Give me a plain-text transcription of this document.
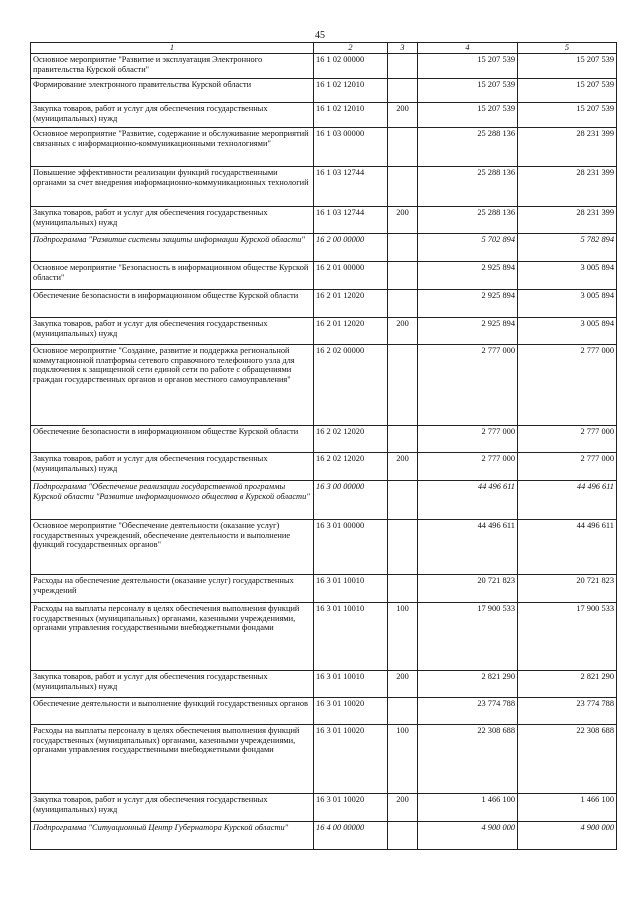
45
1	2	3	4	5
Основное мероприятие "Развитие и эксплуатация Электронного правительства Курской области"	16 1 02 00000		15 207 539	15 207 539
Формирование электронного правительства Курской области	16 1 02 12010		15 207 539	15 207 539
Закупка товаров, работ и услуг для обеспечения государственных (муниципальных) нужд	16 1 02 12010	200	15 207 539	15 207 539
Основное мероприятие "Развитие, содержание и обслуживание мероприятий связанных с информационно-коммуникационными технологиями"	16 1 03 00000		25 288 136	28 231 399
Повышение эффективности реализации функций государственными органами за счет внедрения информационно-коммуникационных технологий	16 1 03 12744		25 288 136	28 231 399
Закупка товаров, работ и услуг для обеспечения государственных (муниципальных) нужд	16 1 03 12744	200	25 288 136	28 231 399
Подпрограмма "Развитие системы защиты информации Курской области"	16 2 00 00000		5 702 894	5 782 894
Основное мероприятие "Безопасность в информационном обществе Курской области"	16 2 01 00000		2 925 894	3 005 894
Обеспечение безопасности в информационном обществе Курской области	16 2 01 12020		2 925 894	3 005 894
Закупка товаров, работ и услуг для обеспечения государственных (муниципальных) нужд	16 2 01 12020	200	2 925 894	3 005 894
Основное мероприятие "Создание, развитие и поддержка региональной коммутационной платформы сетевого справочного телефонного узла для подключения к защищенной сети единой сети по работе с обращениями граждан государственных органов и органов местного самоуправления"	16 2 02 00000		2 777 000	2 777 000
Обеспечение безопасности в информационном обществе Курской области	16 2 02 12020		2 777 000	2 777 000
Закупка товаров, работ и услуг для обеспечения государственных (муниципальных) нужд	16 2 02 12020	200	2 777 000	2 777 000
Подпрограмма "Обеспечение реализации государственной программы Курской области "Развитие информационного общества в Курской области"	16 3 00 00000		44 496 611	44 496 611
Основное мероприятие "Обеспечение деятельности (оказание услуг) государственных учреждений, обеспечение деятельности и выполнение функций государственных органов"	16 3 01 00000		44 496 611	44 496 611
Расходы на обеспечение деятельности (оказание услуг) государственных учреждений	16 3 01 10010		20 721 823	20 721 823
Расходы на выплаты персоналу в целях обеспечения выполнения функций государственных (муниципальных) органами, казенными учреждениями, органами управления государственными внебюджетными фондами	16 3 01 10010	100	17 900 533	17 900 533
Закупка товаров, работ и услуг для обеспечения государственных (муниципальных) нужд	16 3 01 10010	200	2 821 290	2 821 290
Обеспечение деятельности и выполнение функций государственных органов	16 3 01 10020		23 774 788	23 774 788
Расходы на выплаты персоналу в целях обеспечения выполнения функций государственных (муниципальных) органами, казенными учреждениями, органами управления государственными внебюджетными фондами	16 3 01 10020	100	22 308 688	22 308 688
Закупка товаров, работ и услуг для обеспечения государственных (муниципальных) нужд	16 3 01 10020	200	1 466 100	1 466 100
Подпрограмма "Ситуационный Центр Губернатора Курской области"	16 4 00 00000		4 900 000	4 900 000
